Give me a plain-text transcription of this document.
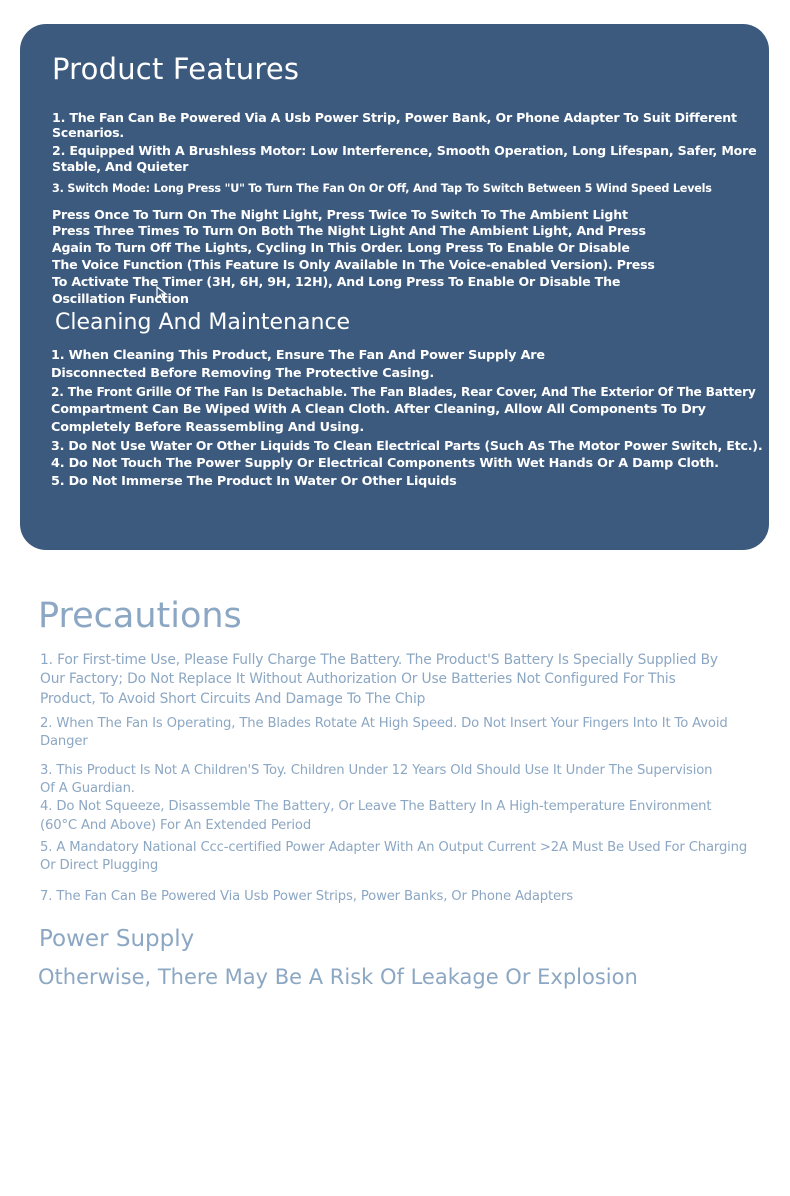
Product Features

1. The Fan Can Be Powered Via A Usb Power Strip, Power Bank, Or Phone Adapter To Suit Different

Scenarios.

2. Equipped With A Brushless Motor: Low Interference, Smooth Operation, Long Lifespan, Safer, More

Stable, And Quieter

3. Switch Mode: Long Press "U" To Turn The Fan On Or Off, And Tap To Switch Between 5 Wind Speed Levels

Press Once To Turn On The Night Light, Press Twice To Switch To The Ambient Light

Press Three Times To Turn On Both The Night Light And The Ambient Light, And Press

Again To Turn Off The Lights, Cycling In This Order. Long Press To Enable Or Disable

The Voice Function (This Feature Is Only Available In The Voice-enabled Version). Press

To Activate The Timer (3H, 6H, 9H, 12H), And Long Press To Enable Or Disable The

Oscillation Function

Cleaning And Maintenance

1. When Cleaning This Product, Ensure The Fan And Power Supply Are

Disconnected Before Removing The Protective Casing.

2. The Front Grille Of The Fan Is Detachable. The Fan Blades, Rear Cover, And The Exterior Of The Battery

Compartment Can Be Wiped With A Clean Cloth. After Cleaning, Allow All Components To Dry

Completely Before Reassembling And Using.

3. Do Not Use Water Or Other Liquids To Clean Electrical Parts (Such As The Motor Power Switch, Etc.).

4. Do Not Touch The Power Supply Or Electrical Components With Wet Hands Or A Damp Cloth.

5. Do Not Immerse The Product In Water Or Other Liquids

Precautions

1. For First-time Use, Please Fully Charge The Battery. The Product'S Battery Is Specially Supplied By

Our Factory; Do Not Replace It Without Authorization Or Use Batteries Not Configured For This

Product, To Avoid Short Circuits And Damage To The Chip

2. When The Fan Is Operating, The Blades Rotate At High Speed. Do Not Insert Your Fingers Into It To Avoid

Danger

3. This Product Is Not A Children'S Toy. Children Under 12 Years Old Should Use It Under The Supervision

Of A Guardian.

4. Do Not Squeeze, Disassemble The Battery, Or Leave The Battery In A High-temperature Environment

(60°C And Above) For An Extended Period

5. A Mandatory National Ccc-certified Power Adapter With An Output Current >2A Must Be Used For Charging

Or Direct Plugging

7. The Fan Can Be Powered Via Usb Power Strips, Power Banks, Or Phone Adapters

Power Supply

Otherwise, There May Be A Risk Of Leakage Or Explosion
